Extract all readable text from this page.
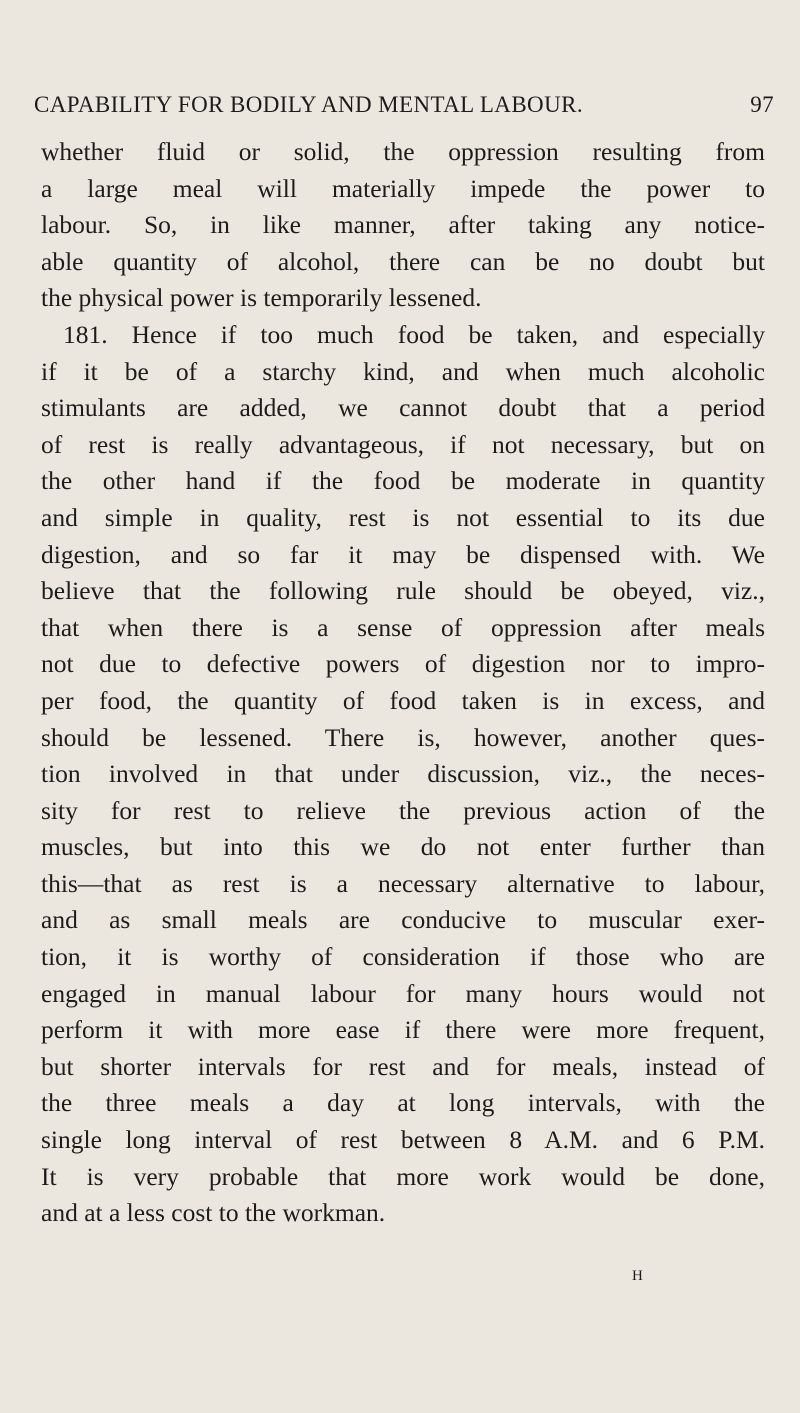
CAPABILITY FOR BODILY AND MENTAL LABOUR.	97
whether fluid or solid, the oppression resulting from
a large meal will materially impede the power to
labour. So, in like manner, after taking any notice-
able quantity of alcohol, there can be no doubt but
the physical power is temporarily lessened.
181. Hence if too much food be taken, and especially
if it be of a starchy kind, and when much alcoholic
stimulants are added, we cannot doubt that a period
of rest is really advantageous, if not necessary, but on
the other hand if the food be moderate in quantity
and simple in quality, rest is not essential to its due
digestion, and so far it may be dispensed with. We
believe that the following rule should be obeyed, viz.,
that when there is a sense of oppression after meals
not due to defective powers of digestion nor to impro-
per food, the quantity of food taken is in excess, and
should be lessened. There is, however, another ques-
tion involved in that under discussion, viz., the neces-
sity for rest to relieve the previous action of the
muscles, but into this we do not enter further than
this—that as rest is a necessary alternative to labour,
and as small meals are conducive to muscular exer-
tion, it is worthy of consideration if those who are
engaged in manual labour for many hours would not
perform it with more ease if there were more frequent,
but shorter intervals for rest and for meals, instead of
the three meals a day at long intervals, with the
single long interval of rest between 8 A.M. and 6 P.M.
It is very probable that more work would be done,
and at a less cost to the workman.
H
